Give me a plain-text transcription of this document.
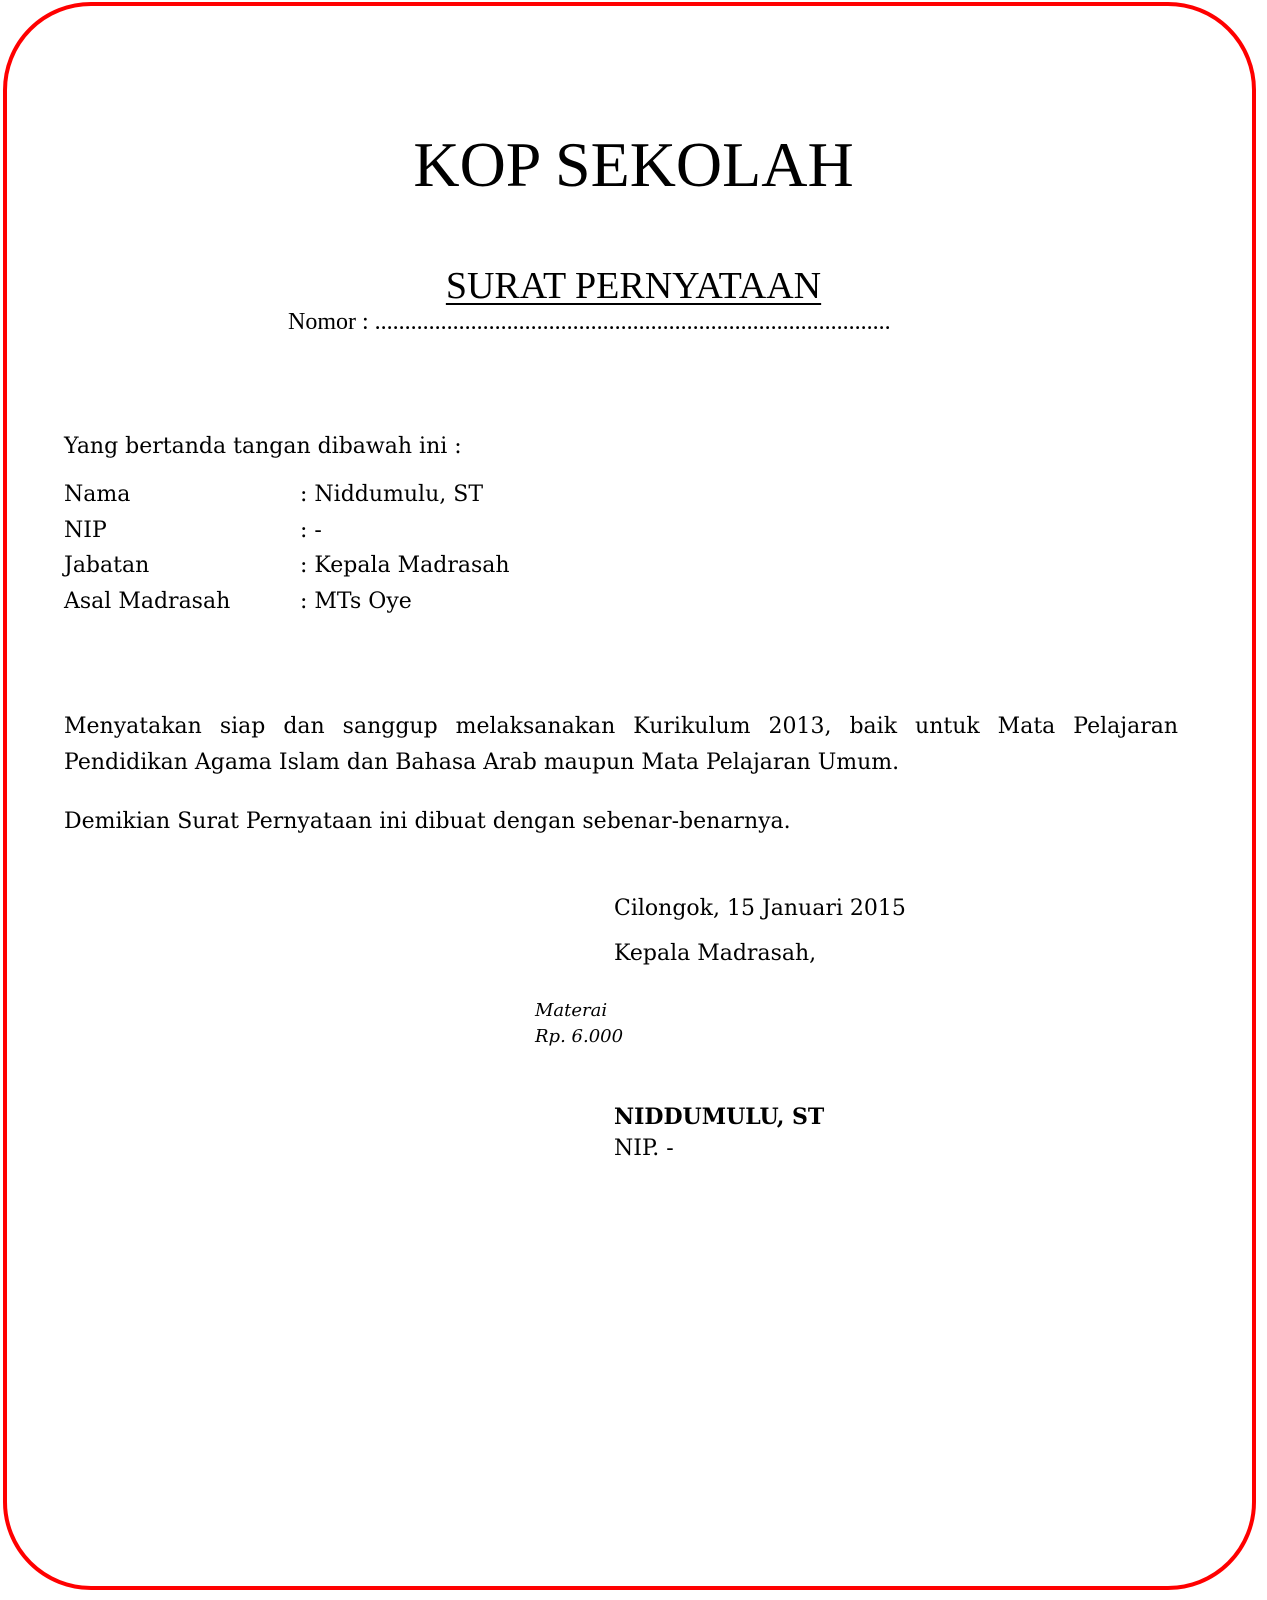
KOP SEKOLAH
SURAT PERNYATAAN
Nomor : ......................................................................................
Yang bertanda tangan dibawah ini :
Nama	: Niddumulu, ST
NIP	: -
Jabatan	: Kepala Madrasah
Asal Madrasah	: MTs Oye
Menyatakan siap dan sanggup melaksanakan Kurikulum 2013, baik untuk Mata Pelajaran Pendidikan Agama Islam dan Bahasa Arab maupun Mata Pelajaran Umum.
Demikian Surat Pernyataan ini dibuat dengan sebenar-benarnya.
Cilongok, 15 Januari 2015
Kepala Madrasah,
Materai
Rp. 6.000
NIDDUMULU, ST
NIP. -
